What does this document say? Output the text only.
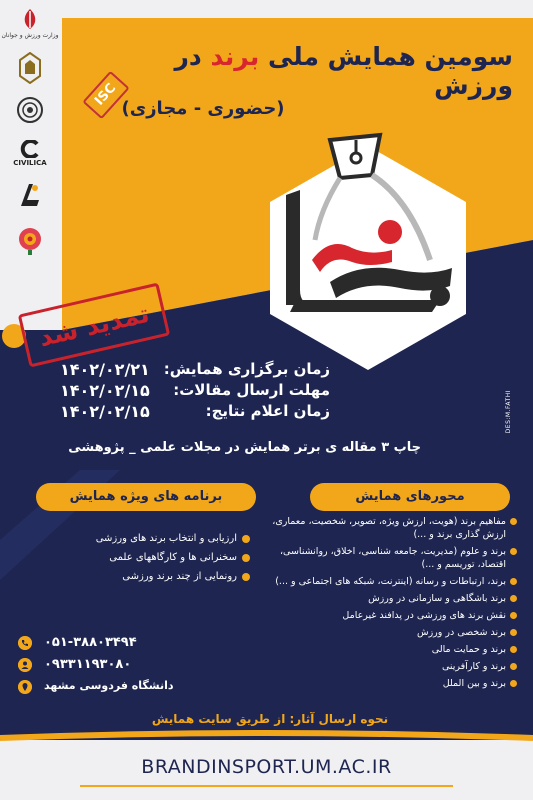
وزارت ورزش و جوانان
CIVILICA
سومین همایش ملی برند در ورزش
(حضوری - مجازی)
ISC
تمدید شد
زمان برگزاری همایش:
۱۴۰۲/۰۲/۲۱
مهلت ارسال مقالات:
۱۴۰۲/۰۲/۱۵
زمان اعلام نتایج:
۱۴۰۲/۰۲/۱۵
چاپ ۳ مقاله ی برتر همایش در مجلات علمی _ پژوهشی
DES:M.FATHI
محورهای همایش
برنامه های ویژه همایش
مفاهیم برند (هویت، ارزش ویژه، تصویر، شخصیت، معماری، ارزش گذاری برند و ...)
برند و علوم (مدیریت، جامعه شناسی، اخلاق، روانشناسی، اقتصاد، توریسم و ...)
برند، ارتباطات و رسانه (اینترنت، شبکه های اجتماعی و ...)
برند باشگاهی و سازمانی در ورزش
نقش برند های ورزشی در پدافند غیرعامل
برند شخصی در ورزش
برند و حمایت مالی
برند و کارآفرینی
برند و بین الملل
ارزیابی و انتخاب برند های ورزشی
سخنرانی ها و کارگاههای علمی
رونمایی از چند برند ورزشی
۰۵۱-۳۸۸۰۳۴۹۴
۰۹۳۳۱۱۹۳۰۸۰
دانشگاه فردوسی مشهد
نحوه ارسال آثار: از طریق سایت همایش
BRANDINSPORT.UM.AC.IR
